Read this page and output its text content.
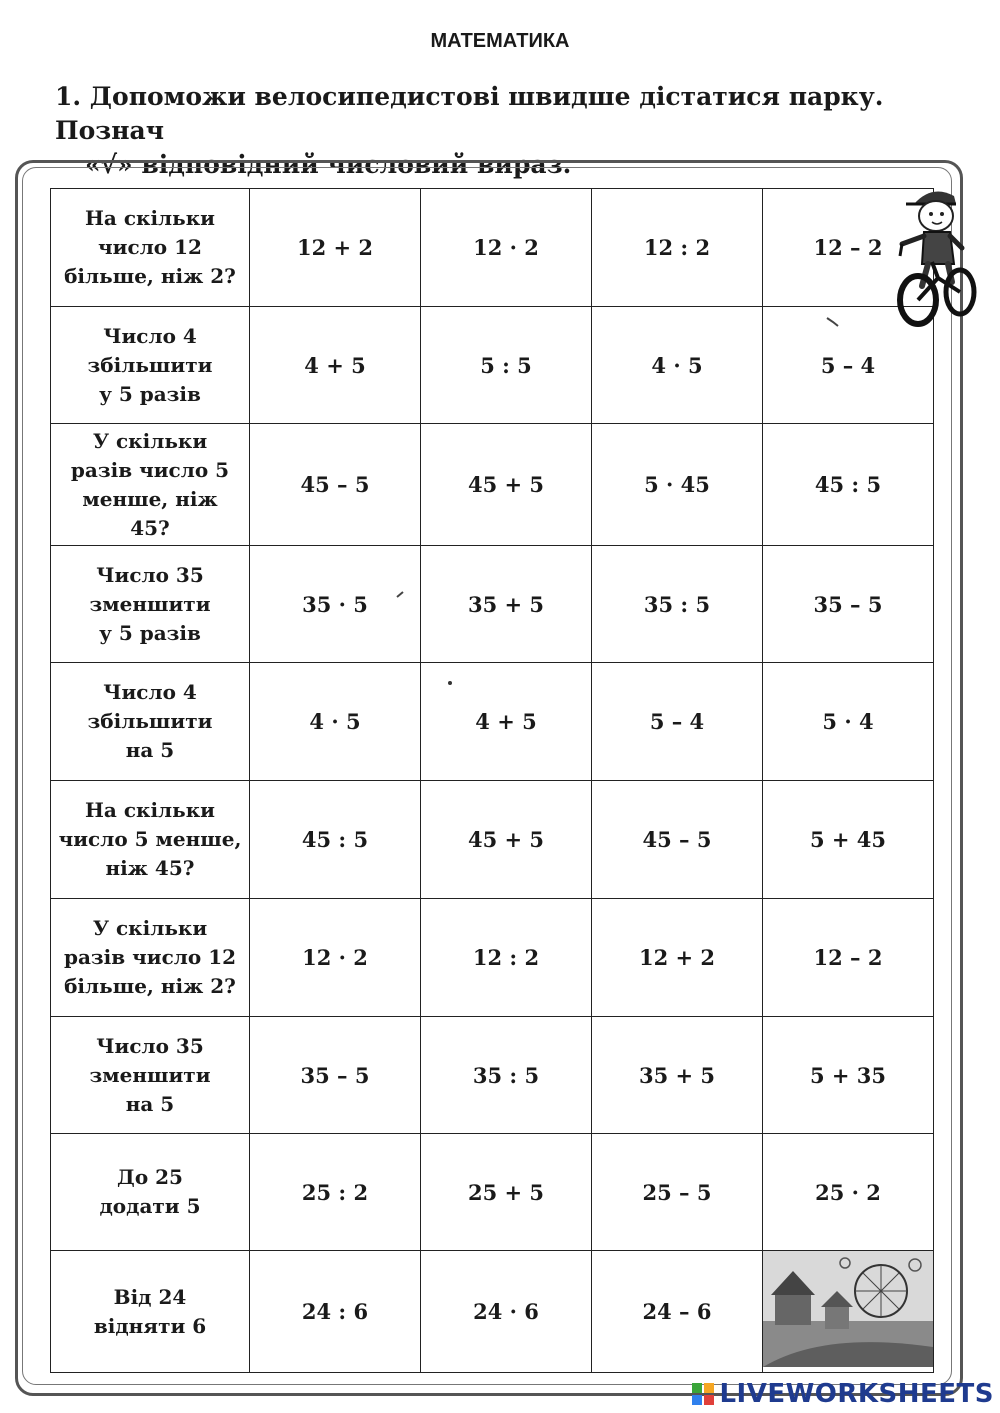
МАТЕМАТИКА
1. Допоможи велосипедистові швидше дістатися парку. Познач
«√» відповідний числовий вираз.
На скільки
число 12
більше, ніж 2?	12 + 2	12 · 2	12 : 2	12 – 2

Число 4
збільшити
у 5 разів	4 + 5	5 : 5	4 · 5	5 – 4

У скільки
разів число 5
менше, ніж
45?	45 – 5	45 + 5	5 · 45	45 : 5

Число 35
зменшити
у 5 разів	35 · 5	35 + 5	35 : 5	35 – 5

Число 4
збільшити
на 5	4 · 5	4 + 5	5 – 4	5 · 4

На скільки
число 5 менше,
ніж 45?	45 : 5	45 + 5	45 – 5	5 + 45

У скільки
разів число 12
більше, ніж 2?	12 · 2	12 : 2	12 + 2	12 – 2

Число 35
зменшити
на 5	35 – 5	35 : 5	35 + 5	5 + 35

До 25
додати 5	25 : 2	25 + 5	25 – 5	25 · 2

Від 24
відняти 6	24 : 6	24 · 6	24 – 6	
LIVEWORKSHEETS
